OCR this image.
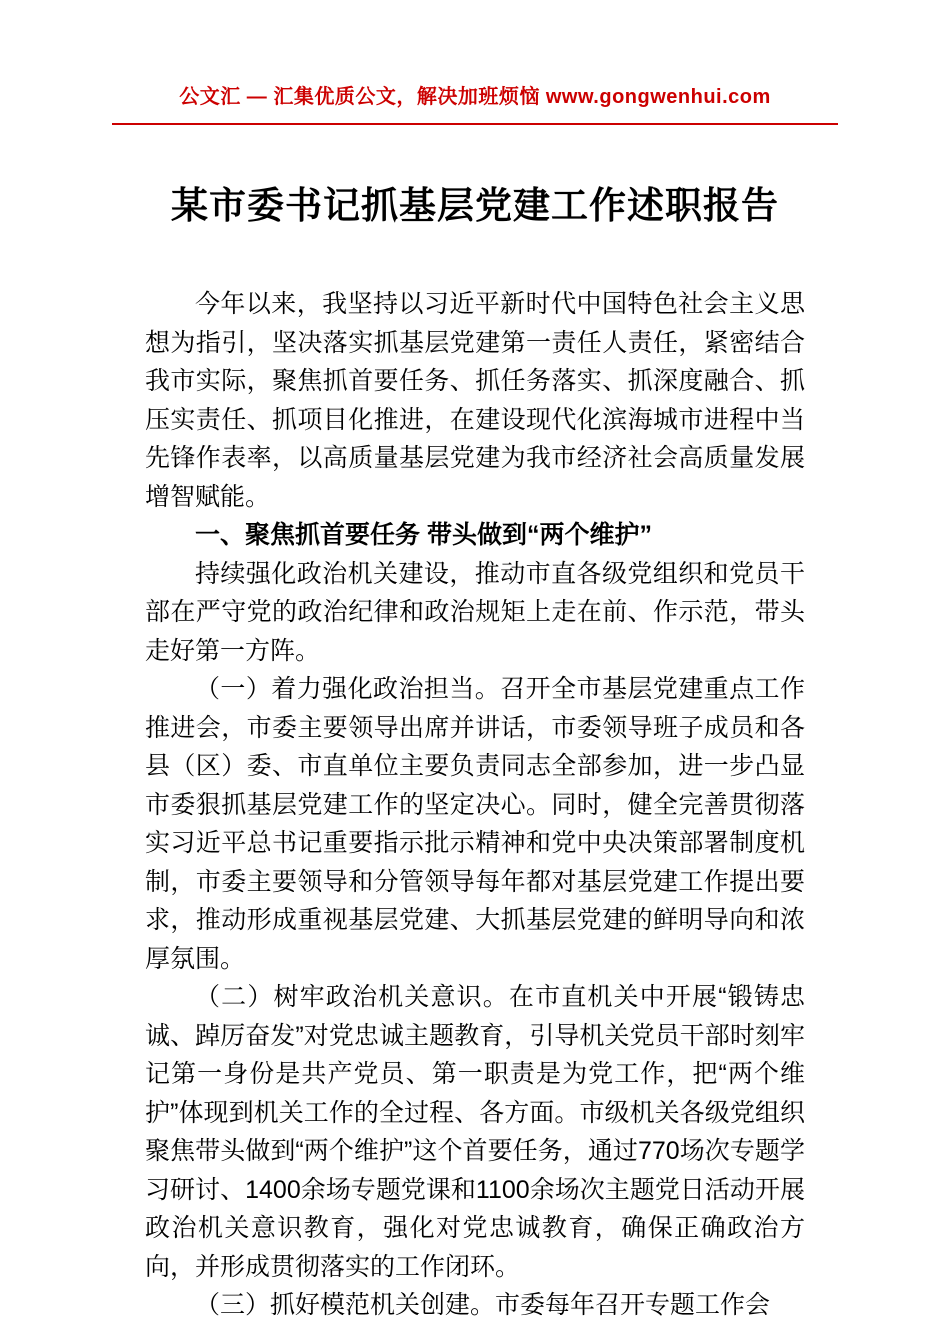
公文汇 — 汇集优质公文，解决加班烦恼 www.gongwenhui.com
某市委书记抓基层党建工作述职报告

今年以来，我坚持以习近平新时代中国特色社会主义思想为指引，坚决落实抓基层党建第一责任人责任，紧密结合我市实际，聚焦抓首要任务、抓任务落实、抓深度融合、抓压实责任、抓项目化推进，在建设现代化滨海城市进程中当先锋作表率，以高质量基层党建为我市经济社会高质量发展增智赋能。

一、聚焦抓首要任务 带头做到“两个维护”

持续强化政治机关建设，推动市直各级党组织和党员干部在严守党的政治纪律和政治规矩上走在前、作示范，带头走好第一方阵。

（一）着力强化政治担当。召开全市基层党建重点工作推进会，市委主要领导出席并讲话，市委领导班子成员和各县（区）委、市直单位主要负责同志全部参加，进一步凸显市委狠抓基层党建工作的坚定决心。同时，健全完善贯彻落实习近平总书记重要指示批示精神和党中央决策部署制度机制，市委主要领导和分管领导每年都对基层党建工作提出要求，推动形成重视基层党建、大抓基层党建的鲜明导向和浓厚氛围。

（二）树牢政治机关意识。在市直机关中开展“锻铸忠诚、踔厉奋发”对党忠诚主题教育，引导机关党员干部时刻牢记第一身份是共产党员、第一职责是为党工作，把“两个维护”体现到机关工作的全过程、各方面。市级机关各级党组织聚焦带头做到“两个维护”这个首要任务，通过770场次专题学习研讨、1400余场专题党课和1100余场次主题党日活动开展政治机关意识教育，强化对党忠诚教育，确保正确政治方向，并形成贯彻落实的工作闭环。

（三）抓好模范机关创建。市委每年召开专题工作会
